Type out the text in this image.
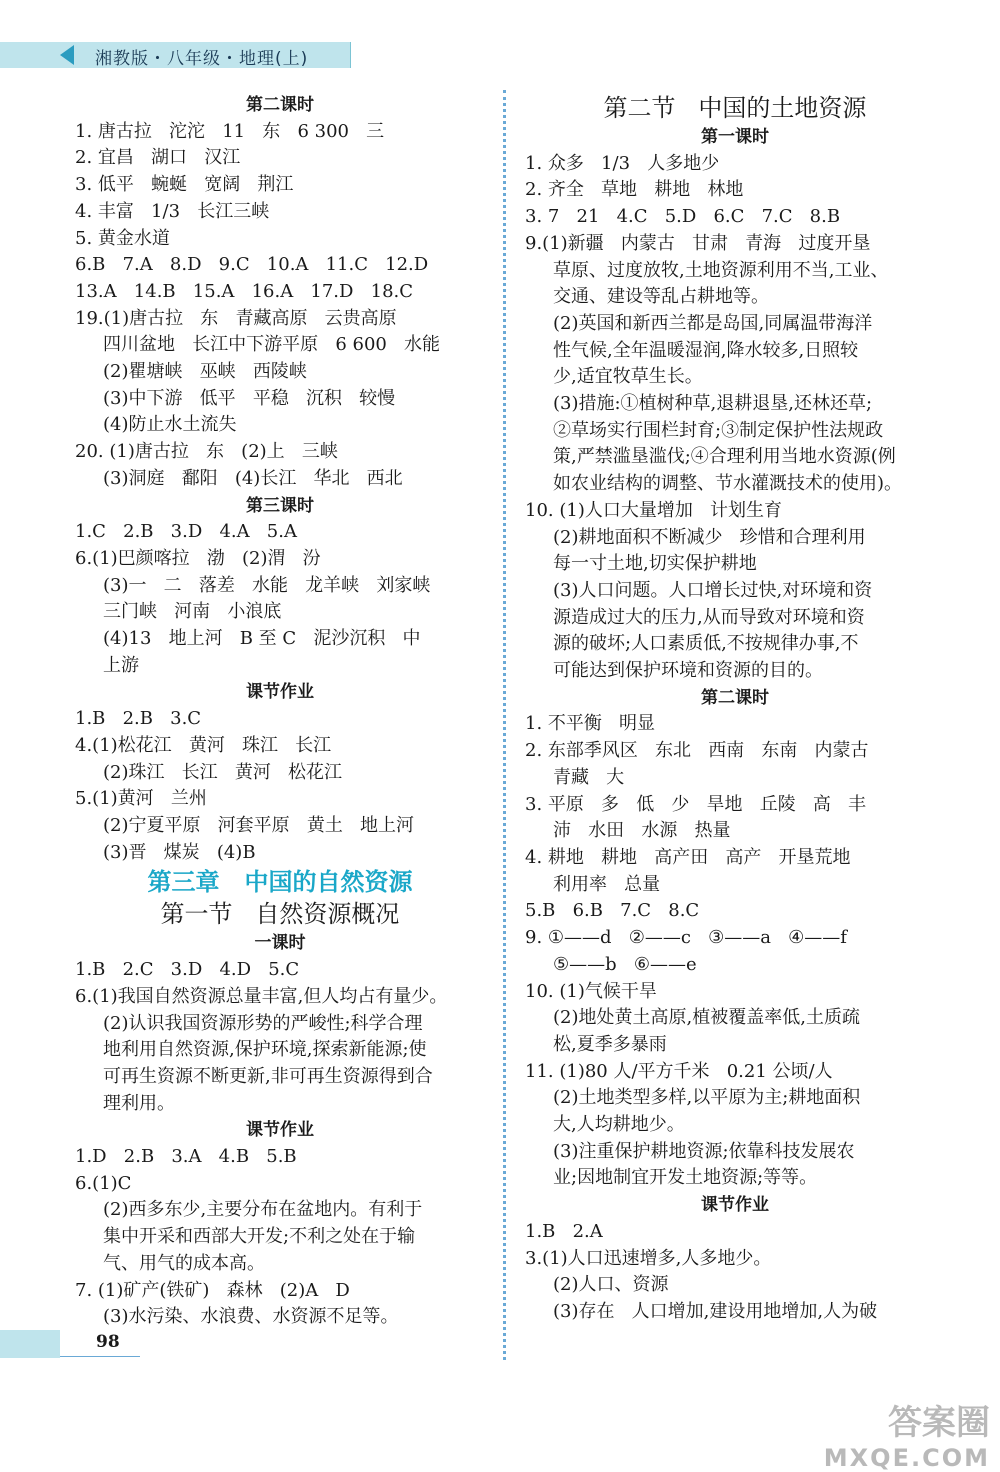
湘教版・八年级・地理(上)
第二课时
1. 唐古拉   沱沱   11   东   6 300   三
2. 宜昌   湖口   汉江
3. 低平   蜿蜒   宽阔   荆江
4. 丰富   1/3   长江三峡
5. 黄金水道
6.B   7.A   8.D   9.C   10.A   11.C   12.D
13.A   14.B   15.A   16.A   17.D   18.C
19.(1)唐古拉   东   青藏高原   云贵高原
四川盆地   长江中下游平原   6 600   水能
(2)瞿塘峡   巫峡   西陵峡
(3)中下游   低平   平稳   沉积   较慢
(4)防止水土流失
20. (1)唐古拉   东   (2)上   三峡
(3)洞庭   鄱阳   (4)长江   华北   西北
第三课时
1.C   2.B   3.D   4.A   5.A
6.(1)巴颜喀拉   渤   (2)渭   汾
(3)一   二   落差   水能   龙羊峡   刘家峡
三门峡   河南   小浪底
(4)13   地上河   B 至 C   泥沙沉积   中
上游
课节作业
1.B   2.B   3.C
4.(1)松花江   黄河   珠江   长江
(2)珠江   长江   黄河   松花江
5.(1)黄河   兰州
(2)宁夏平原   河套平原   黄土   地上河
(3)晋   煤炭   (4)B
第三章   中国的自然资源
第一节   自然资源概况
一课时
1.B   2.C   3.D   4.D   5.C
6.(1)我国自然资源总量丰富,但人均占有量少。
(2)认识我国资源形势的严峻性;科学合理
地利用自然资源,保护环境,探索新能源;使
可再生资源不断更新,非可再生资源得到合
理利用。
课节作业
1.D   2.B   3.A   4.B   5.B
6.(1)C
(2)西多东少,主要分布在盆地内。有利于
集中开采和西部大开发;不利之处在于输
气、用气的成本高。
7. (1)矿产(铁矿)   森林   (2)A   D
(3)水污染、水浪费、水资源不足等。
第二节   中国的土地资源
第一课时
1. 众多   1/3   人多地少
2. 齐全   草地   耕地   林地
3. 7   21   4.C   5.D   6.C   7.C   8.B
9.(1)新疆   内蒙古   甘肃   青海   过度开垦
草原、过度放牧,土地资源利用不当,工业、
交通、建设等乱占耕地等。
(2)英国和新西兰都是岛国,同属温带海洋
性气候,全年温暖湿润,降水较多,日照较
少,适宜牧草生长。
(3)措施:①植树种草,退耕退垦,还林还草;
②草场实行围栏封育;③制定保护性法规政
策,严禁滥垦滥伐;④合理利用当地水资源(例
如农业结构的调整、节水灌溉技术的使用)。
10. (1)人口大量增加   计划生育
(2)耕地面积不断减少   珍惜和合理利用
每一寸土地,切实保护耕地
(3)人口问题。人口增长过快,对环境和资
源造成过大的压力,从而导致对环境和资
源的破坏;人口素质低,不按规律办事,不
可能达到保护环境和资源的目的。
第二课时
1. 不平衡   明显
2. 东部季风区   东北   西南   东南   内蒙古
青藏   大
3. 平原   多   低   少   旱地   丘陵   高   丰
沛   水田   水源   热量
4. 耕地   耕地   高产田   高产   开垦荒地
利用率   总量
5.B   6.B   7.C   8.C
9. ①——d   ②——c   ③——a   ④——f
⑤——b   ⑥——e
10. (1)气候干旱
(2)地处黄土高原,植被覆盖率低,土质疏
松,夏季多暴雨
11. (1)80 人/平方千米   0.21 公顷/人
(2)土地类型多样,以平原为主;耕地面积
大,人均耕地少。
(3)注重保护耕地资源;依靠科技发展农
业;因地制宜开发土地资源;等等。
课节作业
1.B   2.A
3.(1)人口迅速增多,人多地少。
(2)人口、资源
(3)存在   人口增加,建设用地增加,人为破
98
答案圈
MXQE.COM
